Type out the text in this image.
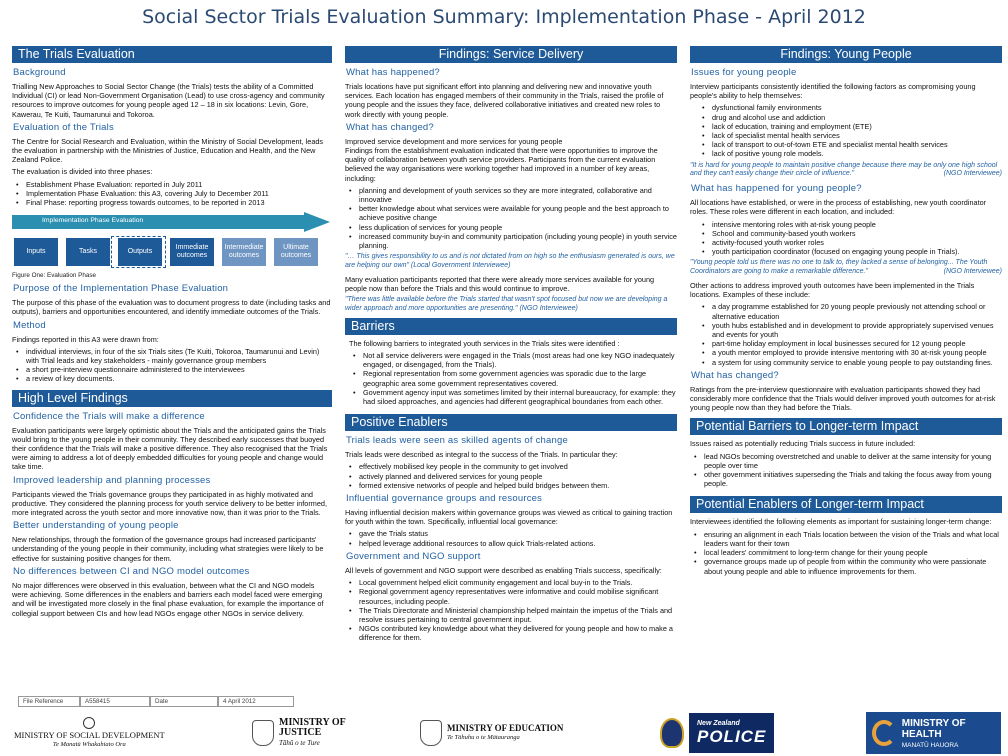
Social Sector Trials Evaluation Summary: Implementation Phase - April 2012
The Trials Evaluation
Background

Trialling New Approaches to Social Sector Change (the Trials) tests the ability of a Committed Individual (CI) or lead Non-Government Organisation (Lead) to use cross-agency and community resources to improve outcomes for young people aged 12 – 18 in six locations: Levin, Gore, Kawerau, Te Kuiti, Taumarunui and Tokoroa.

Evaluation of the Trials

The Centre for Social Research and Evaluation, within the Ministry of Social Development, leads the evaluation in partnership with the Ministries of Justice, Education and Health, and the New Zealand Police.

The evaluation is divided into three phases:

• Establishment Phase Evaluation: reported in July 2011
• Implementation Phase Evaluation: this A3, covering July to December 2011
• Final Phase: reporting progress towards outcomes, to be reported in 2013
Implementation Phase Evaluation
Inputs	Tasks	Outputs
Immediate outcomes
Intermediate outcomes
Ultimate outcomes
Figure One: Evaluation Phase
Purpose of the Implementation Phase Evaluation

The purpose of this phase of the evaluation was to document progress to date (including tasks and outputs), barriers and opportunities encountered, and identify immediate outcomes of the Trials.

Method

Findings reported in this A3 were drawn from:

• individual interviews, in four of the six Trials sites (Te Kuiti, Tokoroa, Taumarunui and Levin) with Trial leads and key stakeholders - mainly governance group members
• a short pre-interview questionnaire administered to the interviewees
• a review of key documents.
High Level Findings
Confidence the Trials will make a difference

Evaluation participants were largely optimistic about the Trials and the anticipated gains the Trials would bring to the young people in their community. They described early successes that buoyed their confidence that the Trials will make a positive difference. They also recognised that the Trials were aiming to address a lot of deeply embedded difficulties for young people and change would take time.

Improved leadership and planning processes

Participants viewed the Trials governance groups they participated in as highly motivated and productive. They considered the planning process for youth service delivery to be better informed, more integrated across the youth sector and more innovative now, than it was prior to the Trials.

Better understanding of young people

New relationships, through the formation of the governance groups had increased participants' understanding of the young people in their community, including what strategies were likely to be effective for sustaining positive changes for them.

No differences between CI and NGO model outcomes

No major differences were observed in this evaluation, between what the CI and NGO models were achieving. Some differences in the enablers and barriers each model faced were emerging and will be investigated more closely in the final phase evaluation, for example the importance of collegial support between CIs and how lead NGOs engage other NGOs in service delivery.

File Reference	A558415	Date	4 April 2012
Findings: Service Delivery
What has happened?

Trials locations have put significant effort into planning and delivering new and innovative youth services. Each location has engaged members of their community in the Trials, raised the profile of young people and the issues they face, delivered collaborative initiatives and created new roles to work directly with young people.

What has changed?

Improved service development and more services for young people
Findings from the establishment evaluation indicated that there were opportunities to improve the quality of collaboration between youth service providers. Participants from the current evaluation believed the way organisations were working together had improved in a number of key areas, including:

• planning and development of youth services so they are more integrated, collaborative and innovative
• better knowledge about what services were available for young people and the best approach to achieve positive change
• less duplication of services for young people
• increased community buy-in and community participation (including young people) in youth service planning.
"… This gives responsibility to us and is not dictated from on high so the enthusiasm generated is ours, we are helping our own" (Local Government Interviewee)

Many evaluation participants reported that there were already more services available for young people now than before the Trials and this would continue to improve.

"There was little available before the Trials started that wasn't spot focused but now we are developing a wider approach and more opportunities are presenting." (NGO Interviewee)
Barriers

The following barriers to integrated youth services in the Trials sites were identified :

• Not all service deliverers were engaged in the Trials (most areas had one key NGO inadequately engaged, or disengaged, from the Trials).
• Regional representation from some government agencies was sporadic due to the large geographic area some government representatives covered.
• Government agency input was sometimes limited by their internal bureaucracy, for example: they had siloed approaches, and agencies had different geographical boundaries from each other.
Positive Enablers
Trials leads were seen as skilled agents of change

Trials leads were described as integral to the success of the Trials. In particular they:

• effectively mobilised key people in the community to get involved
• actively planned and delivered services for young people
• formed extensive networks of people and helped build bridges between them.
Influential governance groups and resources

Having influential decision makers within governance groups was viewed as critical to gaining traction for youth within the town. Specifically, influential local governance:

• gave the Trials status
• helped leverage additional resources to allow quick Trials-related actions.
Government and NGO support

All levels of government and NGO support were described as enabling Trials success, specifically:

• Local government helped elicit community engagement and local buy-in to the Trials.
• Regional government agency representatives were informative and could mobilise significant resources, including people.
• The Trials Directorate and Ministerial championship helped maintain the impetus of the Trials and resolve issues pertaining to central government input.
• NGOs contributed key knowledge about what they delivered for young people and how to make a difference for them.
Findings: Young People
Issues for young people

Interview participants consistently identified the following factors as compromising young people's ability to help themselves:

• dysfunctional family environments
• drug and alcohol use and addiction
• lack of education, training and employment (ETE)
• lack of specialist mental health services
• lack of transport to out-of-town ETE and specialist mental health services
• lack of positive young role models.
"It is hard for young people to maintain positive change because there may be only one high school and they can't easily change their circle of influence."	(NGO Interviewee)
What has happened for young people?

All locations have established, or were in the process of establishing, new youth coordinator roles. These roles were different in each location, and included:

• intensive mentoring roles with at-risk young people
• School and community-based youth workers
• activity-focused youth worker roles
• youth participation coordinator (focused on engaging young people in Trials).
"Young people told us there was no one to talk to, they lacked a sense of belonging... The Youth Coordinators are going to make a remarkable difference."	(NGO Interviewee)

Other actions to address improved youth outcomes have been implemented in the Trials locations. Examples of these include:

• a day programme established for 20 young people previously not attending school or alternative education
• youth hubs established and in development to provide appropriately supervised venues and events for youth
• part-time holiday employment in local businesses secured for 12 young people
• a youth mentor employed to provide intensive mentoring with 30 at-risk young people
• a system for using community service to enable young people to pay outstanding fines.
What has changed?

Ratings from the pre-interview questionnaire with evaluation participants showed they had considerably more confidence that the Trials would deliver improved youth outcomes for at-risk young people now than they had before the Trials.

Potential Barriers to Longer-term Impact

Issues raised as potentially reducing Trials success in future included:

• lead NGOs becoming overstretched and unable to deliver at the same intensity for young people over time
• other government initiatives superseding the Trials and taking the focus away from young people.
Potential Enablers of Longer-term Impact

Interviewees identified the following elements as important for sustaining longer-term change:

• ensuring an alignment in each Trials location between the vision of the Trials and what local leaders want for their town
• local leaders' commitment to long-term change for their young people
• governance groups made up of people from within the community who were passionate about young people and able to influence improvements for them.
MINISTRY OF SOCIAL DEVELOPMENT
Te Manatū Whakahiato Ora
MINISTRY OF JUSTICE
Tāhū o te Ture
MINISTRY OF EDUCATION
Te Tāhuhu o te Mātauranga
New Zealand
POLICE
MINISTRY OF HEALTH
MANATŪ HAUORA
